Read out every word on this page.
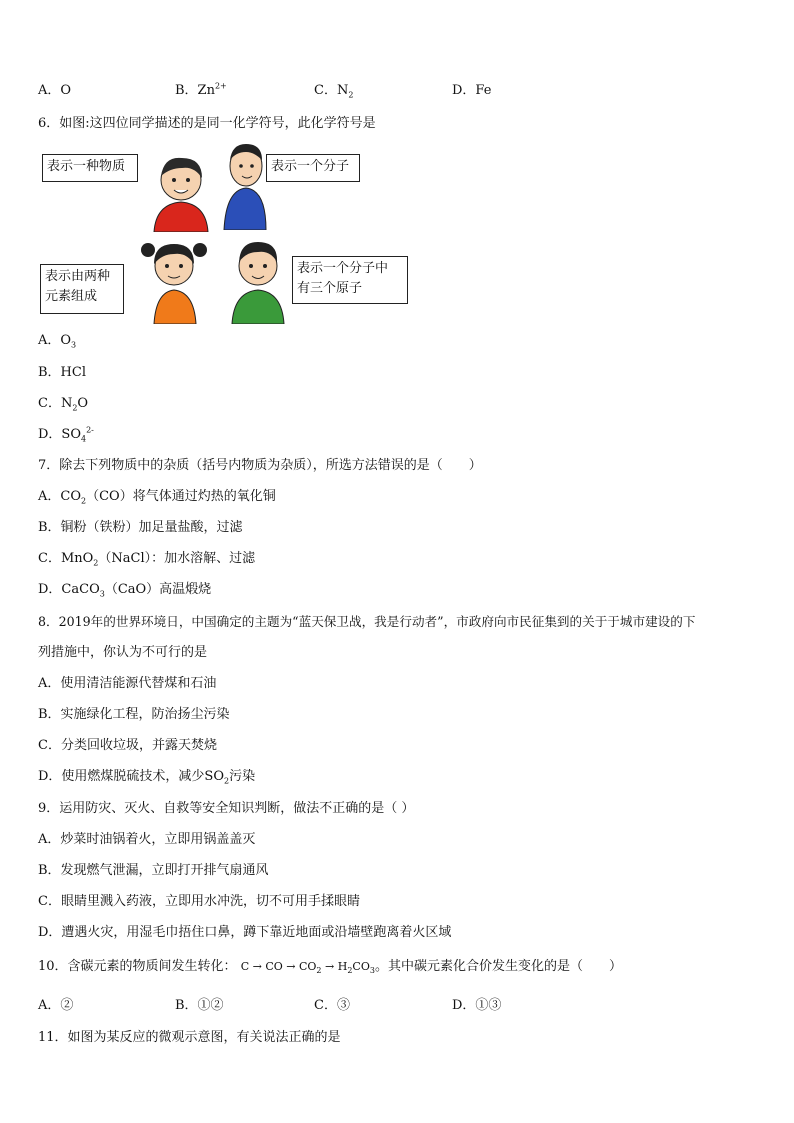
A．O	B．$Zn^{2+}$	C．$N_2$	D．Fe
6．如图:这四位同学描述的是同一化学符号，此化学符号是
表示一种物质	表示一个分子
表示由两种
元素组成
表示一个分子中
有三个原子
A．$O_3$
B．HCl
C．$N_2O$
D．$SO_4^{2-}$
7．除去下列物质中的杂质（括号内物质为杂质），所选方法错误的是（　　）
A．$CO_2(CO)$将气体通过灼热的氧化铜
B．铜粉（铁粉）加足量盐酸，过滤
C．MnO$_2$（NaCl）：加水溶解、过滤
D．CaCO$_3$（CaO）高温煅烧
8．2019年的世界环境日，中国确定的主题为“蓝天保卫战，我是行动者”，市政府向市民征集到的关于于城市建设的下
列措施中，你认为不可行的是
A．使用清洁能源代替煤和石油
B．实施绿化工程，防治扬尘污染
C．分类回收垃圾，并露天焚烧
D．使用燃煤脱硫技术，减少$SO_2$污染
9．运用防灾、灭火、自救等安全知识判断，做法不正确的是（ ）
A．炒菜时油锅着火，立即用锅盖盖灭
B．发现燃气泄漏，立即打开排气扇通风
C．眼睛里溅入药液，立即用水冲洗，切不可用手揉眼睛
D．遭遇火灾，用湿毛巾捂住口鼻，蹲下靠近地面或沿墙壁跑离着火区域
10．含碳元素的物质间发生转化： C → CO → $CO_2 \to H_2CO_3$。其中碳元素化合价发生变化的是（　　）
A．②	B．①②	C．③	D．①③
11．如图为某反应的微观示意图，有关说法正确的是
